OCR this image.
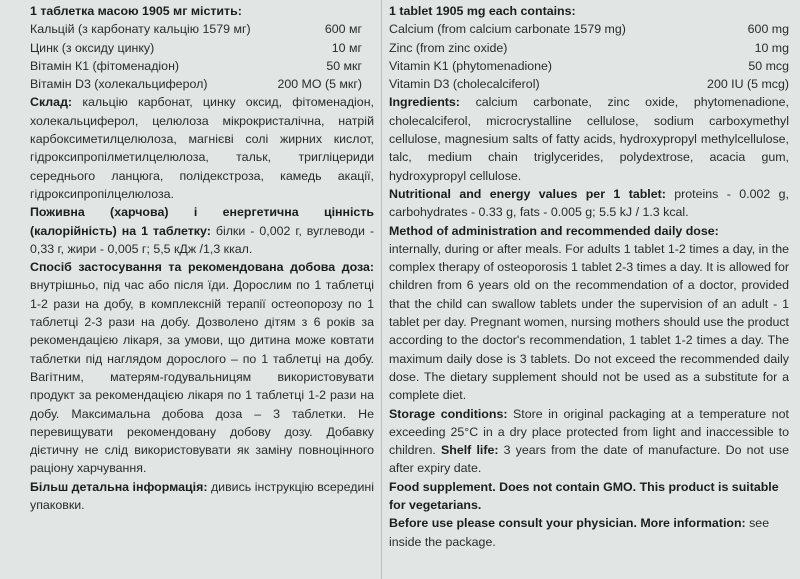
1 таблетка масою 1905 мг містить:
Кальцій (з карбонату кальцію 1579 мг)	600 мг
Цинк (з оксиду цинку)	10 мг
Вітамін К1 (фітоменадіон)	50 мкг
Вітамін D3 (холекальциферол)	200 МО (5 мкг)

Склад: кальцію карбонат, цинку оксид, фітоменадіон, холекальциферол, целюлоза мікрокристалічна, натрій карбоксиметилцелюлоза, магнієві солі жирних кислот, гідроксипропілметилцелюлоза, тальк, тригліцериди середнього ланцюга, полідекстроза, камедь акації, гідроксипропілцелюлоза.

Поживна (харчова) і енергетична цінність (калорійність) на 1 таблетку: білки - 0,002 г, вуглеводи - 0,33 г, жири - 0,005 г; 5,5 кДж /1,3 ккал.

Спосіб застосування та рекомендована добова доза: внутрішньо, під час або після їди. Дорослим по 1 таблетці 1-2 рази на добу, в комплексній терапії остеопорозу по 1 таблетці 2-3 рази на добу. Дозволено дітям з 6 років за рекомендацією лікаря, за умови, що дитина може ковтати таблетки під наглядом дорослого – по 1 таблетці на добу. Вагітним, матерям-годувальницям використовувати продукт за рекомендацією лікаря по 1 таблетці 1-2 рази на добу. Максимальна добова доза – 3 таблетки. Не перевищувати рекомендовану добову дозу. Добавку дієтичну не слід використовувати як заміну повноцінного раціону харчування.

Більш детальна інформація: дивись інструкцію всередині упаковки.

1 tablet 1905 mg each contains:
Calcium (from calcium carbonate 1579 mg)	600 mg
Zinc (from zinc oxide)	10 mg
Vitamin K1 (phytomenadione)	50 mcg
Vitamin D3 (cholecalciferol)	200 IU (5 mcg)

Ingredients: calcium carbonate, zinc oxide, phytomenadione, cholecalciferol, microcrystalline cellulose, sodium carboxymethyl cellulose, magnesium salts of fatty acids, hydroxypropyl methylcellulose, talc, medium chain triglycerides, polydextrose, acacia gum, hydroxypropyl cellulose.

Nutritional and energy values per 1 tablet: proteins - 0.002 g, carbohydrates - 0.33 g, fats - 0.005 g; 5.5 kJ / 1.3 kcal.

Method of administration and recommended daily dose:

internally, during or after meals. For adults 1 tablet 1-2 times a day, in the complex therapy of osteoporosis 1 tablet 2-3 times a day. It is allowed for children from 6 years old on the recommendation of a doctor, provided that the child can swallow tablets under the supervision of an adult - 1 tablet per day. Pregnant women, nursing mothers should use the product according to the doctor's recommendation, 1 tablet 1-2 times a day. The maximum daily dose is 3 tablets. Do not exceed the recommended daily dose. The dietary supplement should not be used as a substitute for a complete diet.

Storage conditions: Store in original packaging at a temperature not exceeding 25°C in a dry place protected from light and inaccessible to children. Shelf life: 3 years from the date of manufacture. Do not use after expiry date.

Food supplement. Does not contain GMO. This product is suitable for vegetarians.

Before use please consult your physician. More information: see inside the package.
